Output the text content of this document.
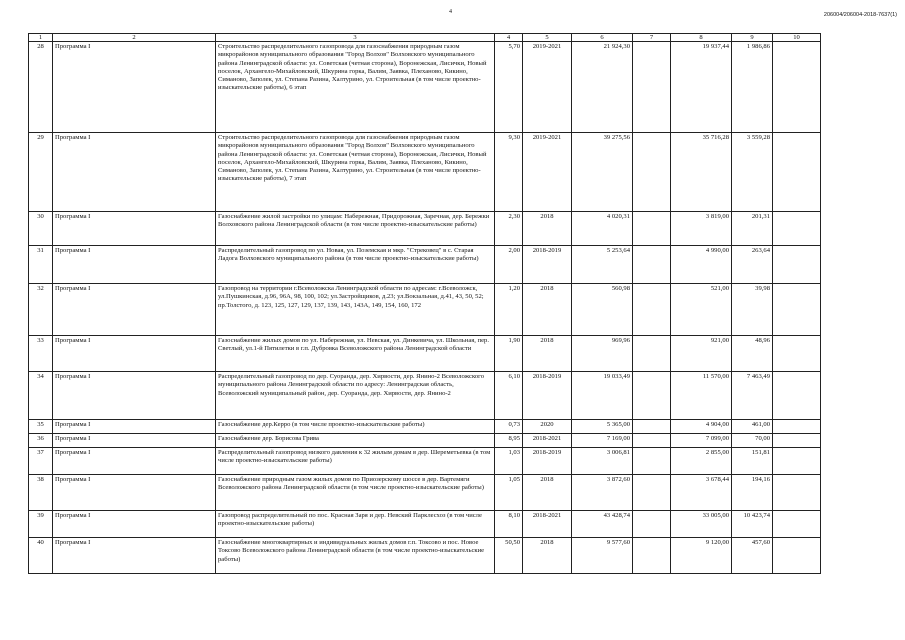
4	206004/206004-2018-7637(1)
1	2	3	4	5	6	7	8	9	10
28	Программа I	Строительство распределительного газопровода для газоснабжения природным газом микрорайонов муниципального образования "Город Волхов" Волховского муниципального района Ленинградской области: ул. Советская (четная сторона), Воронежская, Лисички, Новый поселок, Архангело-Михайловский, Шкурина горка, Валим, Заявка, Плеханово, Кикино, Симаново, Заполек, ул. Степана Разина, Халтурино, ул. Строительная (в том числе проектно-изыскательские работы), 6 этап	5,70	2019-2021	21 924,30		19 937,44	1 986,86	
29	Программа I	Строительство распределительного газопровода для газоснабжения природным газом микрорайонов муниципального образования "Город Волхов" Волховского муниципального района Ленинградской области: ул. Советская (четная сторона), Воронежская, Лисички, Новый поселок, Архангело-Михайловский, Шкурина горка, Валим, Заявка, Плеханово, Кикино, Симаново, Заполек, ул. Степана Разина, Халтурино, ул. Строительная (в том числе проектно-изыскательские работы), 7 этап	9,30	2019-2021	39 275,56		35 716,28	3 559,28	
30	Программа I	Газоснабжение жилой застройки по улицам: Набережная, Придорожная, Заречная, дер. Бережки Волховского района Ленинградской области (в том числе проектно-изыскательские работы)	2,30	2018	4 020,31		3 819,00	201,31	
31	Программа I	Распределительный газопровод по ул. Новая, ул. Поземская и мкр. "Стрековец" в с. Старая Ладога Волховского муниципального района (в том числе проектно-изыскательские работы)	2,00	2018-2019	5 253,64		4 990,00	263,64	
32	Программа I	Газопровод на территории г.Всеволожска Ленинградской области по адресам: г.Всеволожск, ул.Пушкинская, д.96, 96А, 98, 100, 102; ул.Застройщиков, д.23; ул.Вокзальная, д.41, 43, 50, 52; пр.Толстого, д. 123, 125, 127, 129, 137, 139, 143, 143А, 149, 154, 160, 172	1,20	2018	560,98		521,00	39,98	
33	Программа I	Газоснабжение жилых домов по ул. Набережная, ул. Невская, ул. Динкевича, ул. Школьная, пер. Светлый, ул.1-й Пятилетки в г.п. Дубровка Всеволожского района Ленинградской области	1,90	2018	969,96		921,00	48,96	
34	Программа I	Распределительный газопровод по дер. Суоранда, дер. Хирвости, дер. Янино-2 Всеволожского муниципального района Ленинградской области по адресу: Ленинградская область, Всеволожский муниципальный район, дер. Суоранда, дер. Хирвости, дер. Янино-2	6,10	2018-2019	19 033,49		11 570,00	7 463,49	
35	Программа I	Газоснабжение дер.Керро (в том числе проектно-изыскательские работы)	0,73	2020	5 365,00		4 904,00	461,00	
36	Программа I	Газоснабжение дер. Борисова Грива	8,95	2018-2021	7 169,00		7 099,00	70,00	
37	Программа I	Распределительный газопровод низкого давления к 32 жилым домам в дер. Шереметьевка (в том числе проектно-изыскательские работы)	1,03	2018-2019	3 006,81		2 855,00	151,81	
38	Программа I	Газоснабжение природным газом жилых домов по Приозерскому шоссе в дер. Вартемяги Всеволожского района Ленинградской области (в том числе проектно-изыскательские работы)	1,05	2018	3 872,60		3 678,44	194,16	
39	Программа I	Газопровод распределительный по пос. Красная Заря и дер. Невский Парклесхоз (в том числе проектно-изыскательские работы)	8,10	2018-2021	43 428,74		33 005,00	10 423,74	
40	Программа I	Газоснабжение многоквартирных и индивидуальных жилых домов г.п. Токсово и пос. Новое Токсово Всеволожского района Ленинградской области (в том числе проектно-изыскательские работы)	50,50	2018	9 577,60		9 120,00	457,60	
